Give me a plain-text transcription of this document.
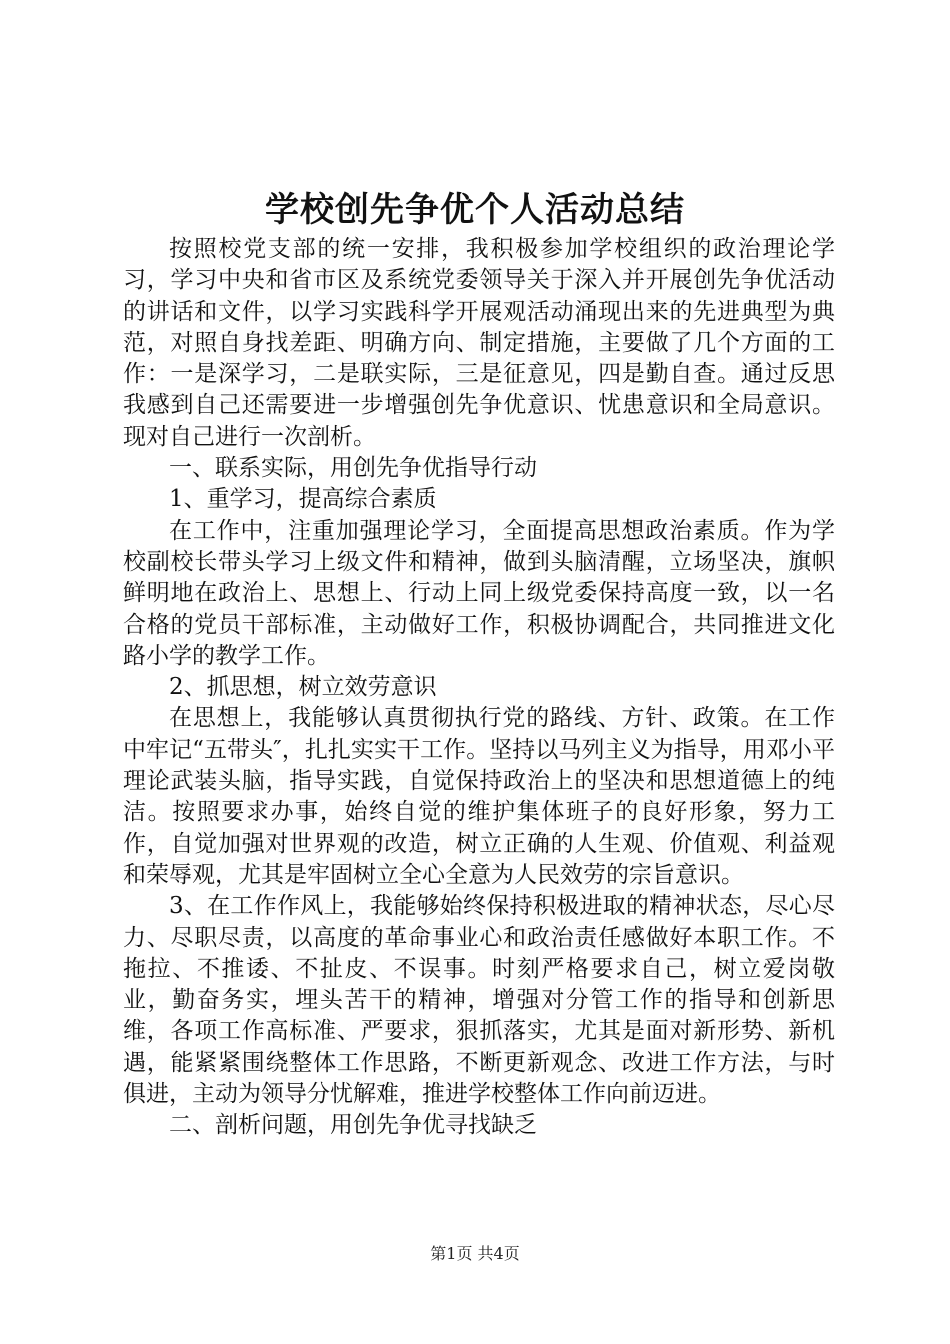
学校创先争优个人活动总结

按照校党支部的统一安排，我积极参加学校组织的政治理论学习，学习中央和省市区及系统党委领导关于深入并开展创先争优活动的讲话和文件，以学习实践科学开展观活动涌现出来的先进典型为典范，对照自身找差距、明确方向、制定措施，主要做了几个方面的工作：一是深学习，二是联实际，三是征意见，四是勤自查。通过反思我感到自己还需要进一步增强创先争优意识、忧患意识和全局意识。现对自己进行一次剖析。

一、联系实际，用创先争优指导行动

1、重学习，提高综合素质

在工作中，注重加强理论学习，全面提高思想政治素质。作为学校副校长带头学习上级文件和精神，做到头脑清醒，立场坚决，旗帜鲜明地在政治上、思想上、行动上同上级党委保持高度一致，以一名合格的党员干部标准，主动做好工作，积极协调配合，共同推进文化路小学的教学工作。

2、抓思想，树立效劳意识

在思想上，我能够认真贯彻执行党的路线、方针、政策。在工作中牢记“五带头″，扎扎实实干工作。坚持以马列主义为指导，用邓小平理论武装头脑，指导实践，自觉保持政治上的坚决和思想道德上的纯洁。按照要求办事，始终自觉的维护集体班子的良好形象，努力工作，自觉加强对世界观的改造，树立正确的人生观、价值观、利益观和荣辱观，尤其是牢固树立全心全意为人民效劳的宗旨意识。

3、在工作作风上，我能够始终保持积极进取的精神状态，尽心尽力、尽职尽责，以高度的革命事业心和政治责任感做好本职工作。不拖拉、不推诿、不扯皮、不误事。时刻严格要求自己，树立爱岗敬业，勤奋务实，埋头苦干的精神，增强对分管工作的指导和创新思维，各项工作高标准、严要求，狠抓落实，尤其是面对新形势、新机遇，能紧紧围绕整体工作思路，不断更新观念、改进工作方法，与时俱进，主动为领导分忧解难，推进学校整体工作向前迈进。

二、剖析问题，用创先争优寻找缺乏

第1页 共4页
